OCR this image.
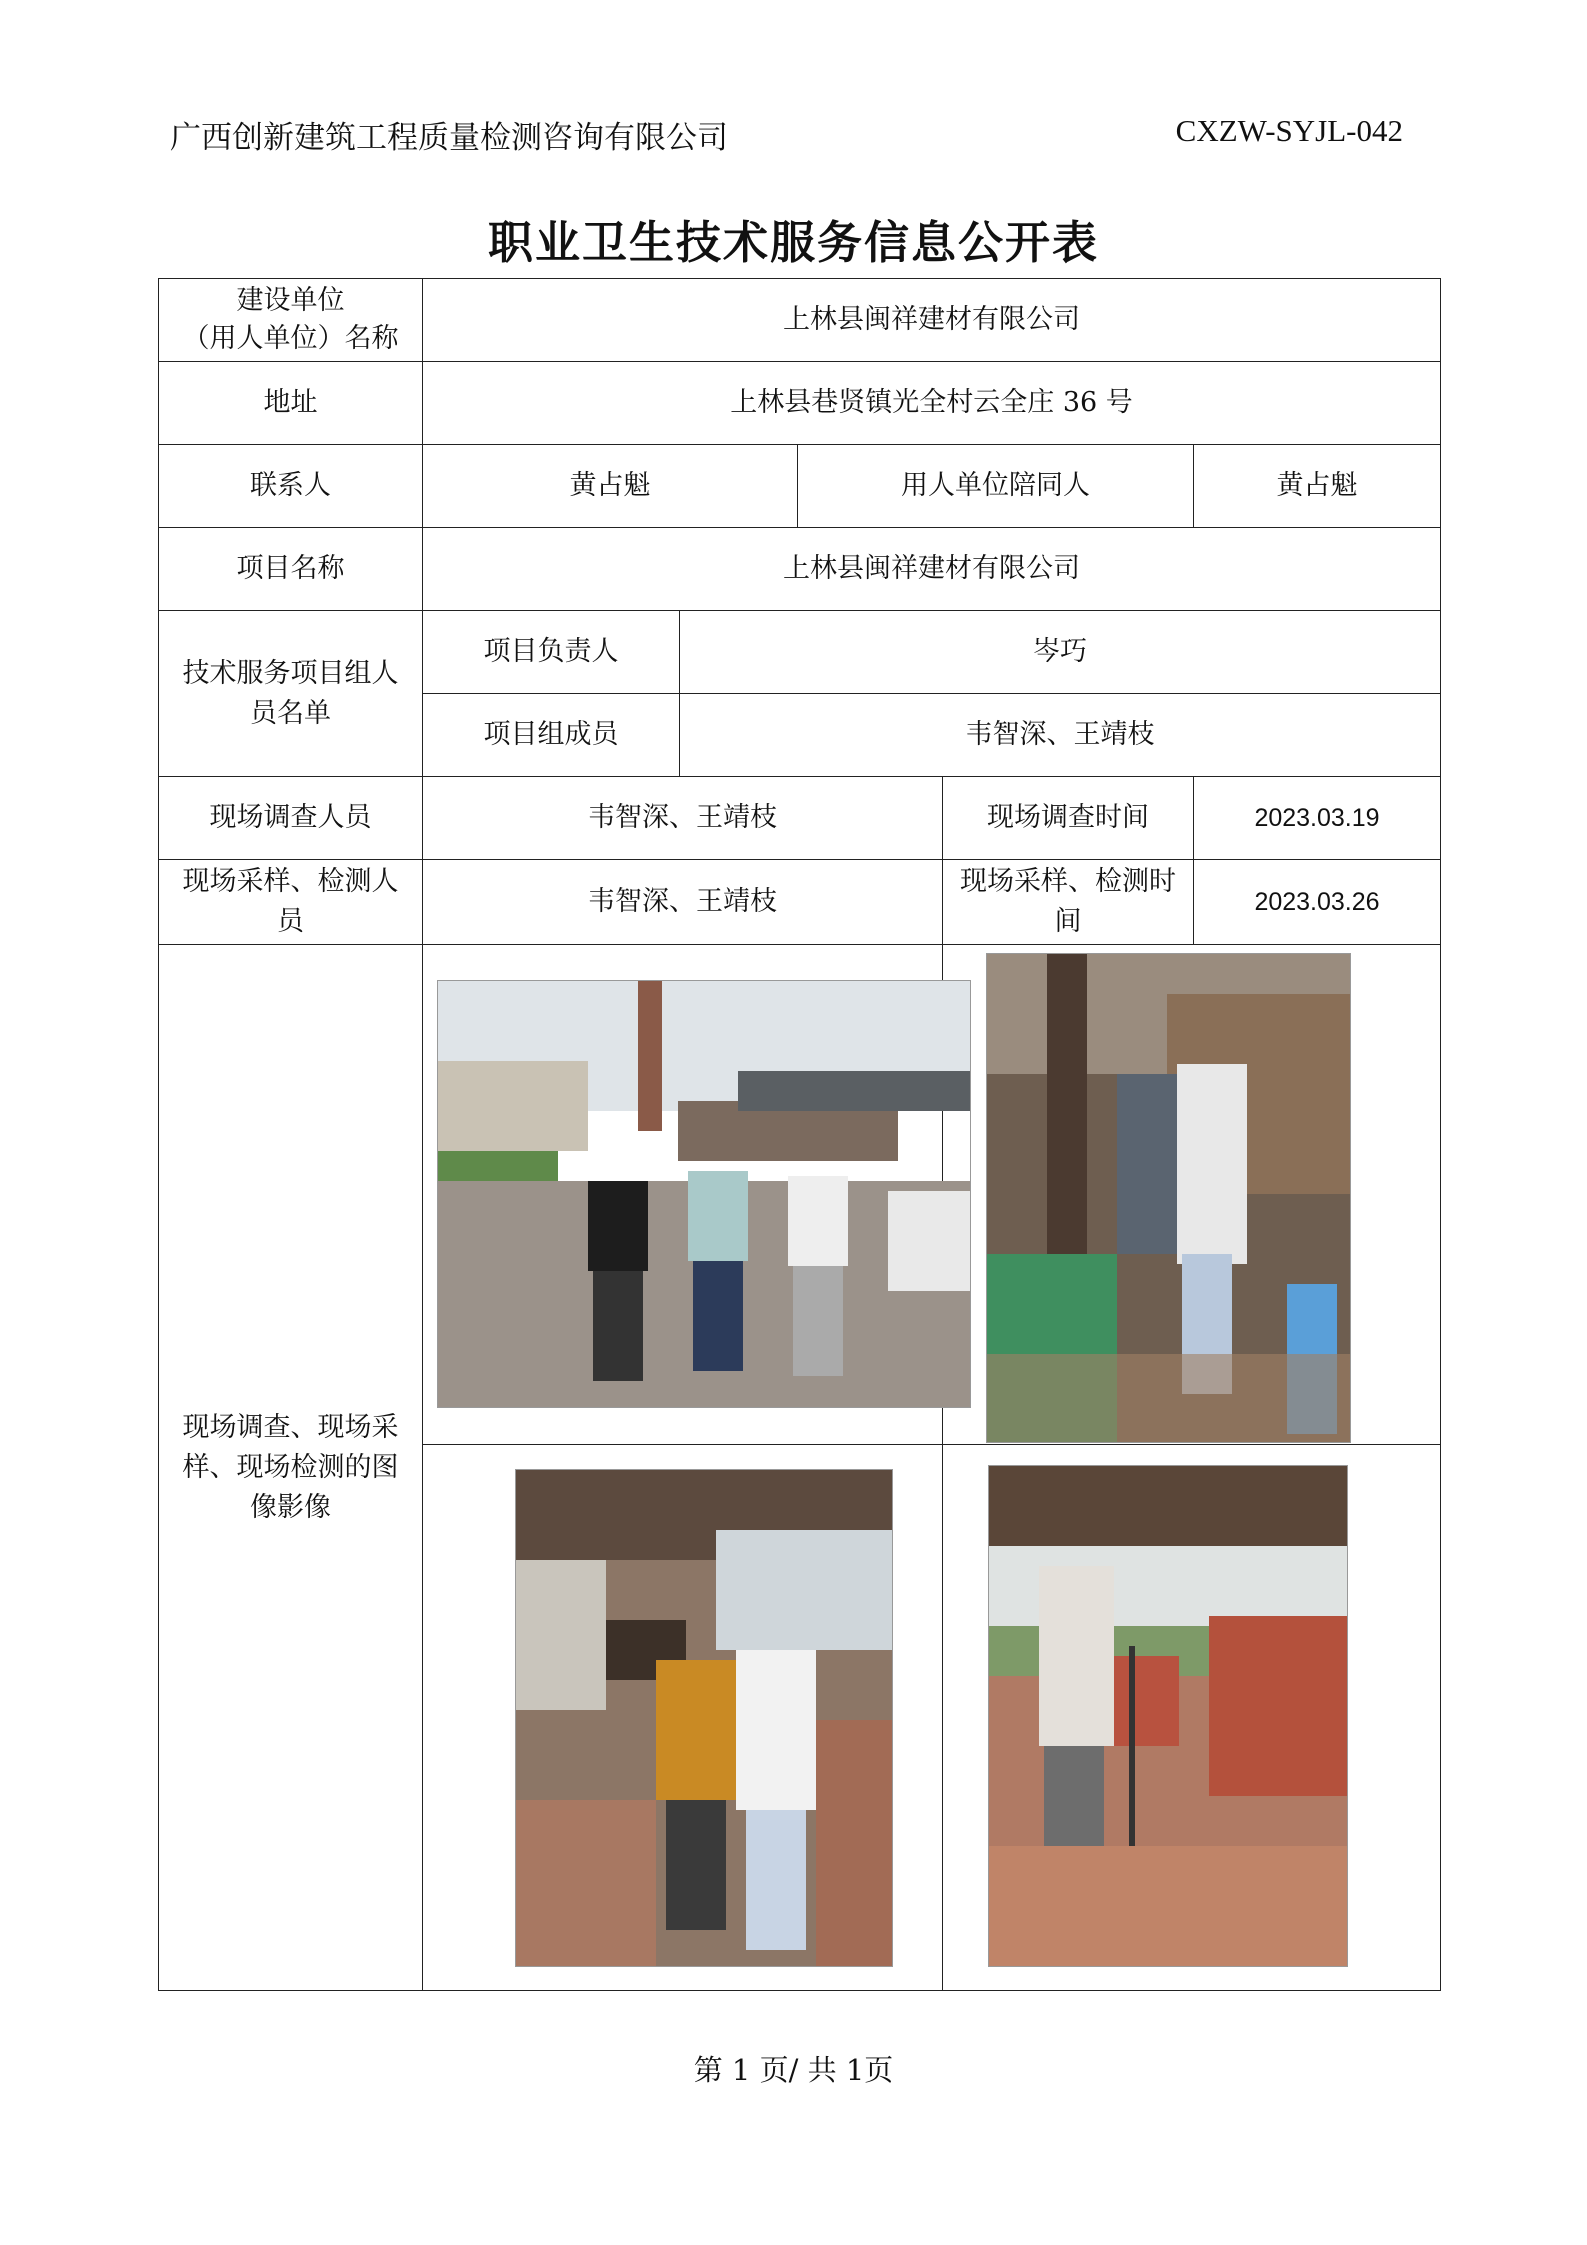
广西创新建筑工程质量检测咨询有限公司	CXZW-SYJL-042
职业卫生技术服务信息公开表
建设单位
（用人单位）名称	上林县闽祥建材有限公司				
地址	上林县巷贤镇光全村云全庄 36 号				
联系人	黄占魁		用人单位陪同人		黄占魁
项目名称	上林县闽祥建材有限公司				
技术服务项目组人员名单	项目负责人	岑巧			
	项目组成员	韦智深、王靖枝			
现场调查人员	韦智深、王靖枝			现场调查时间	2023.03.19
现场采样、检测人员	韦智深、王靖枝			现场采样、检测时间	2023.03.26
现场调查、现场采样、现场检测的图像影像	

第 1 页/ 共 1页
